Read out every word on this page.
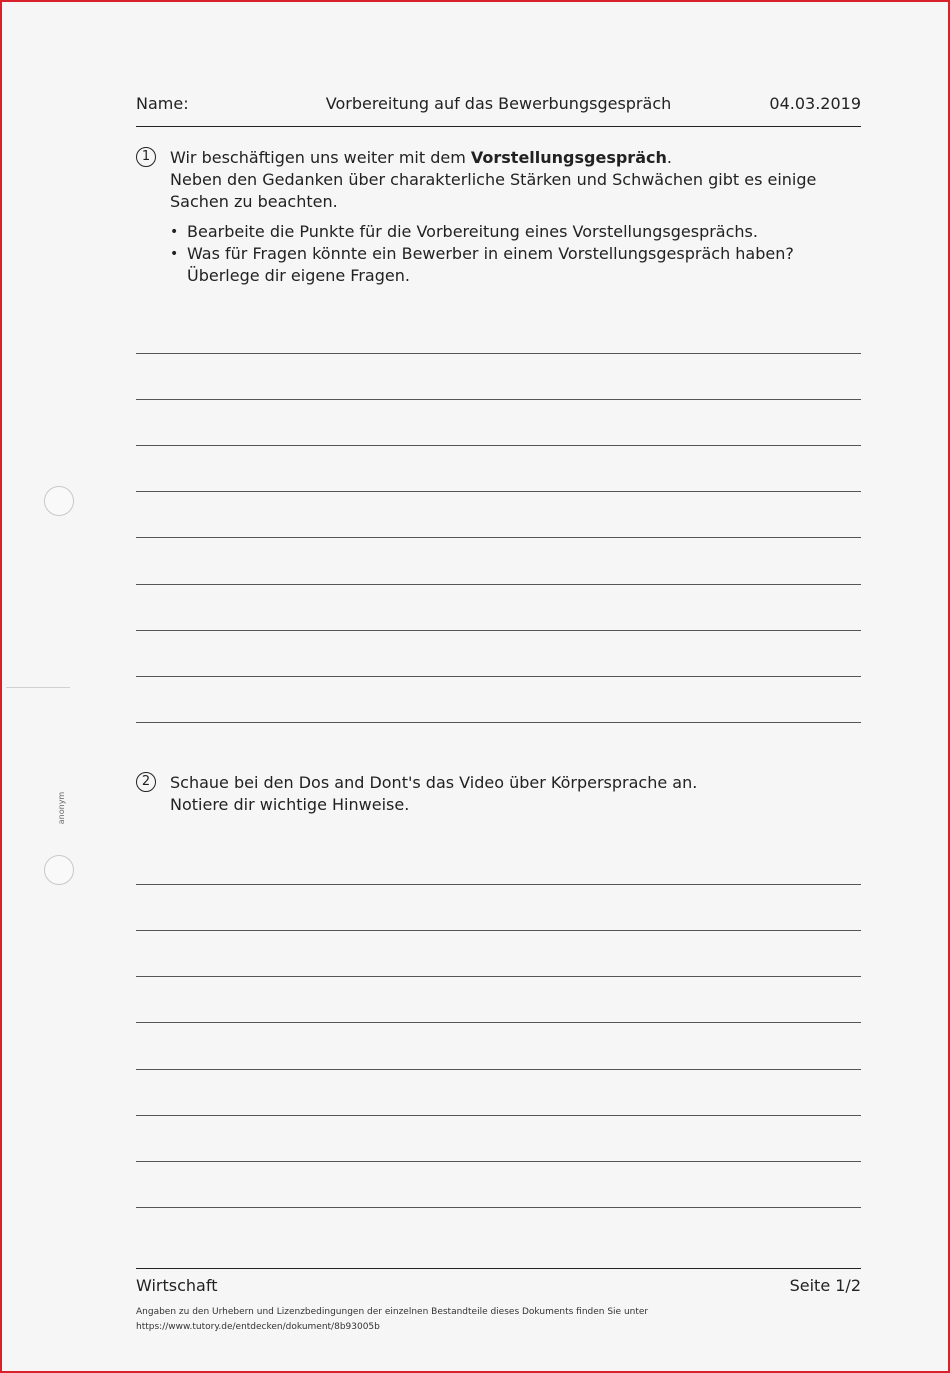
Vorbereitung auf das Bewerbungsgespräch
Name:	04.03.2019
1	Wir beschäftigen uns weiter mit dem Vorstellungsgespräch.

Neben den Gedanken über charakterliche Stärken und Schwächen gibt es einige Sachen zu beachten.

• Bearbeite die Punkte für die Vorbereitung eines Vorstellungsgesprächs.
• Was für Fragen könnte ein Bewerber in einem Vorstellungsgespräch haben?
Überlege dir eigene Fragen.
2	Schaue bei den Dos and Dont's das Video über Körpersprache an.

Notiere dir wichtige Hinweise.

anonym
Wirtschaft	Seite 1/2
Angaben zu den Urhebern und Lizenzbedingungen der einzelnen Bestandteile dieses Dokuments finden Sie unter
https://www.tutory.de/entdecken/dokument/8b93005b
